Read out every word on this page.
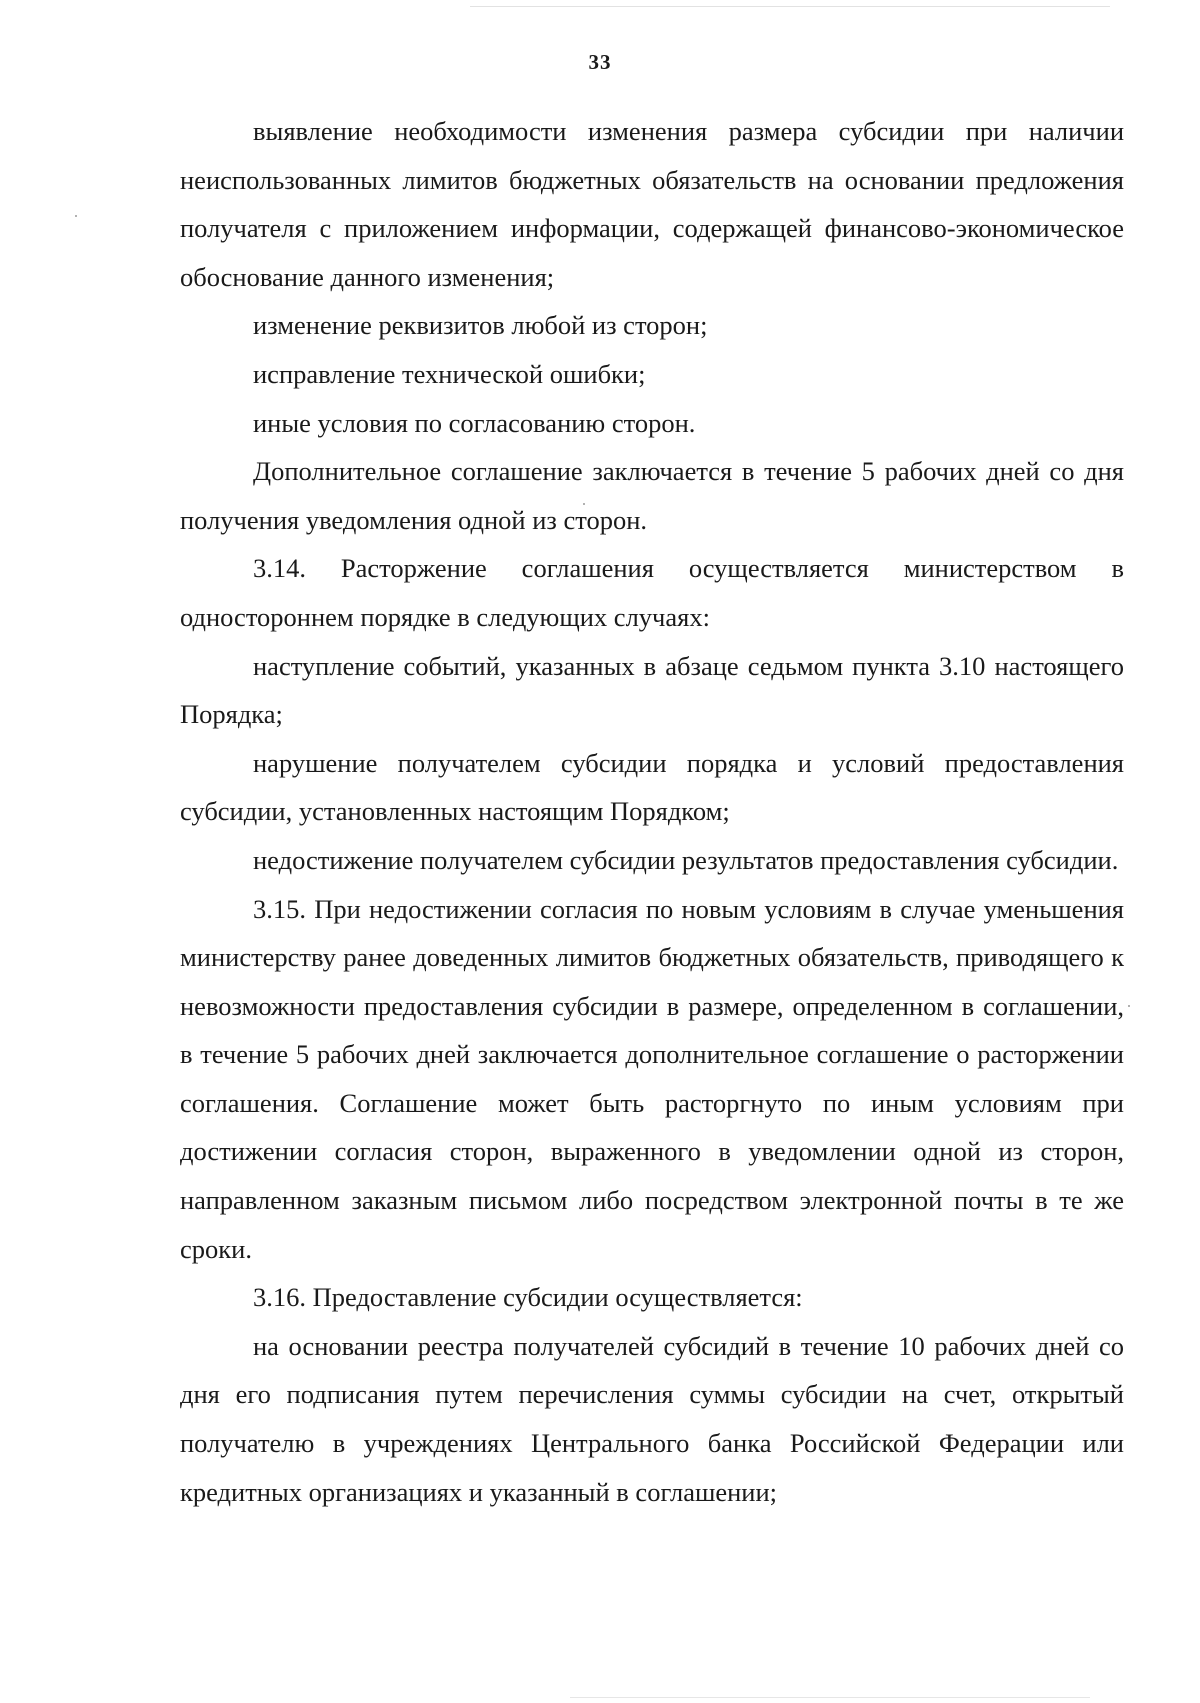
33

выявление необходимости изменения размера субсидии при наличии неиспользованных лимитов бюджетных обязательств на основании предложения получателя с приложением информации, содержащей финансово-экономическое обоснование данного изменения;

изменение реквизитов любой из сторон;

исправление технической ошибки;

иные условия по согласованию сторон.

Дополнительное соглашение заключается в течение 5 рабочих дней со дня получения уведомления одной из сторон.

3.14. Расторжение соглашения осуществляется министерством в одностороннем порядке в следующих случаях:

наступление событий, указанных в абзаце седьмом пункта 3.10 настоящего Порядка;

нарушение получателем субсидии порядка и условий предоставления субсидии, установленных настоящим Порядком;

недостижение получателем субсидии результатов предоставления субсидии.

3.15. При недостижении согласия по новым условиям в случае уменьшения министерству ранее доведенных лимитов бюджетных обязательств, приводящего к невозможности предоставления субсидии в размере, определенном в соглашении, в течение 5 рабочих дней заключается дополнительное соглашение о расторжении соглашения. Соглашение может быть расторгнуто по иным условиям при достижении согласия сторон, выраженного в уведомлении одной из сторон, направленном заказным письмом либо посредством электронной почты в те же сроки.

3.16. Предоставление субсидии осуществляется:

на основании реестра получателей субсидий в течение 10 рабочих дней со дня его подписания путем перечисления суммы субсидии на счет, открытый получателю в учреждениях Центрального банка Российской Федерации или кредитных организациях и указанный в соглашении;
